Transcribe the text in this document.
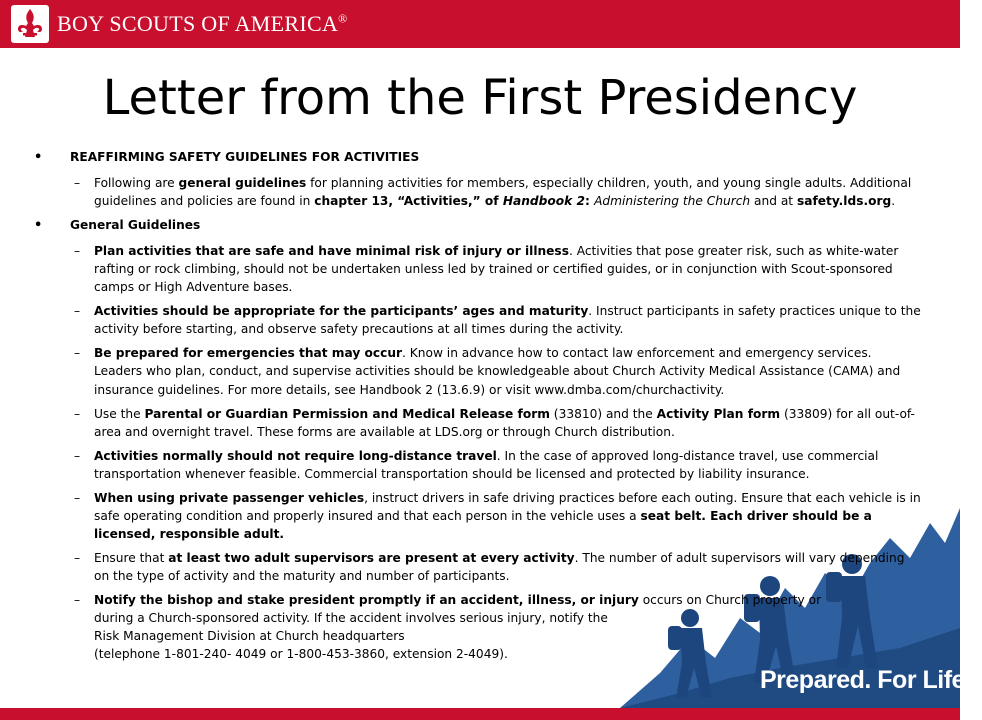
BOY SCOUTS OF AMERICA®
Letter from the First Presidency
• REAFFIRMING SAFETY GUIDELINES FOR ACTIVITIES
– Following are general guidelines for planning activities for members, especially children, youth, and young single adults. Additional guidelines and policies are found in chapter 13, “Activities,” of Handbook 2: Administering the Church and at safety.lds.org.
• General Guidelines
– Plan activities that are safe and have minimal risk of injury or illness. Activities that pose greater risk, such as white-water rafting or rock climbing, should not be undertaken unless led by trained or certified guides, or in conjunction with Scout-sponsored camps or High Adventure bases.
– Activities should be appropriate for the participants’ ages and maturity. Instruct participants in safety practices unique to the activity before starting, and observe safety precautions at all times during the activity.
– Be prepared for emergencies that may occur. Know in advance how to contact law enforcement and emergency services. Leaders who plan, conduct, and supervise activities should be knowledgeable about Church Activity Medical Assistance (CAMA) and insurance guidelines. For more details, see Handbook 2 (13.6.9) or visit www.dmba.com/churchactivity.
– Use the Parental or Guardian Permission and Medical Release form (33810) and the Activity Plan form (33809) for all out-of-area and overnight travel. These forms are available at LDS.org or through Church distribution.
– Activities normally should not require long-distance travel. In the case of approved long-distance travel, use commercial transportation whenever feasible. Commercial transportation should be licensed and protected by liability insurance.
– When using private passenger vehicles, instruct drivers in safe driving practices before each outing. Ensure that each vehicle is in safe operating condition and properly insured and that each person in the vehicle uses a seat belt. Each driver should be a licensed, responsible adult.
– Ensure that at least two adult supervisors are present at every activity. The number of adult supervisors will vary depending on the type of activity and the maturity and number of participants.
– Notify the bishop and stake president promptly if an accident, illness, or injury occurs on Church property or
during a Church-sponsored activity. If the accident involves serious injury, notify the
Risk Management Division at Church headquarters
(telephone 1-801-240- 4049 or 1-800-453-3860, extension 2-4049).
Prepared. For Life.™
